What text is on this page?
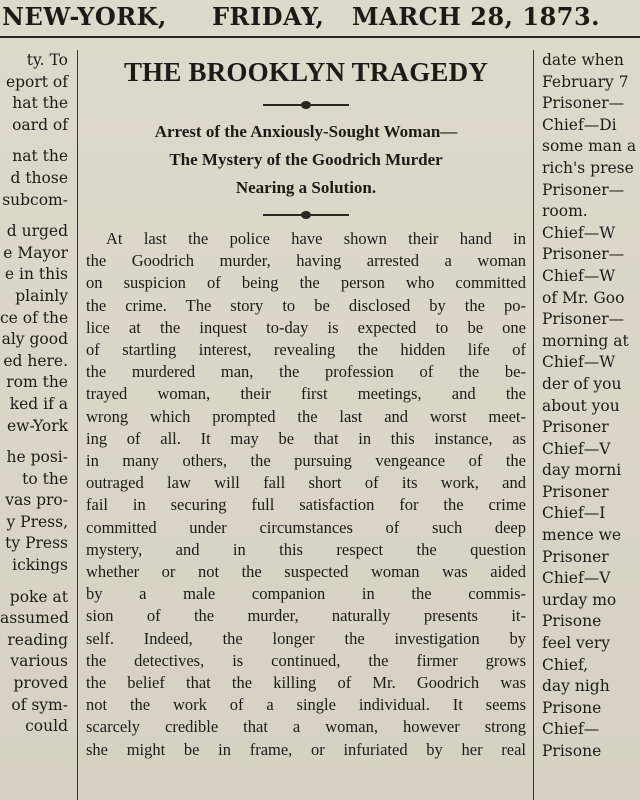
NEW-YORK, FRIDAY, MARCH 28, 1873.
ty. To
eport of
hat the
oard of
nat the
d those
subcom-
d urged
e Mayor
e in this
plainly
ce of the
aly good
ed here.
rom the
ked if a
ew-York
he posi-
to the
vas pro-
y Press,
ty Press
ickings
poke at
assumed
reading
various
proved
of sym-
could
THE BROOKLYN TRAGEDY
Arrest of the Anxiously-Sought Woman—
The Mystery of the Goodrich Murder
Nearing a Solution.
At last the police have shown their hand in
the Goodrich murder, having arrested a woman
on suspicion of being the person who committed
the crime. The story to be disclosed by the po-
lice at the inquest to-day is expected to be one
of startling interest, revealing the hidden life of
the murdered man, the profession of the be-
trayed woman, their first meetings, and the
wrong which prompted the last and worst meet-
ing of all. It may be that in this instance, as
in many others, the pursuing vengeance of the
outraged law will fall short of its work, and
fail in securing full satisfaction for the crime
committed under circumstances of such deep
mystery, and in this respect the question
whether or not the suspected woman was aided
by a male companion in the commis-
sion of the murder, naturally presents it-
self. Indeed, the longer the investigation by
the detectives, is continued, the firmer grows
the belief that the killing of Mr. Goodrich was
not the work of a single individual. It seems
scarcely credible that a woman, however strong
she might be in frame, or infuriated by her real
date when
February 7
Prisoner—
Chief—Di
some man a
rich's prese
Prisoner—
room.
Chief—W
Prisoner—
Chief—W
of Mr. Goo
Prisoner—
morning at
Chief—W
der of you
about you
Prisoner
Chief—V
day morni
Prisoner
Chief—I
mence we
Prisoner
Chief—V
urday mo
Prisone
feel very
Chief,
day nigh
Prisone
Chief—
Prisone
